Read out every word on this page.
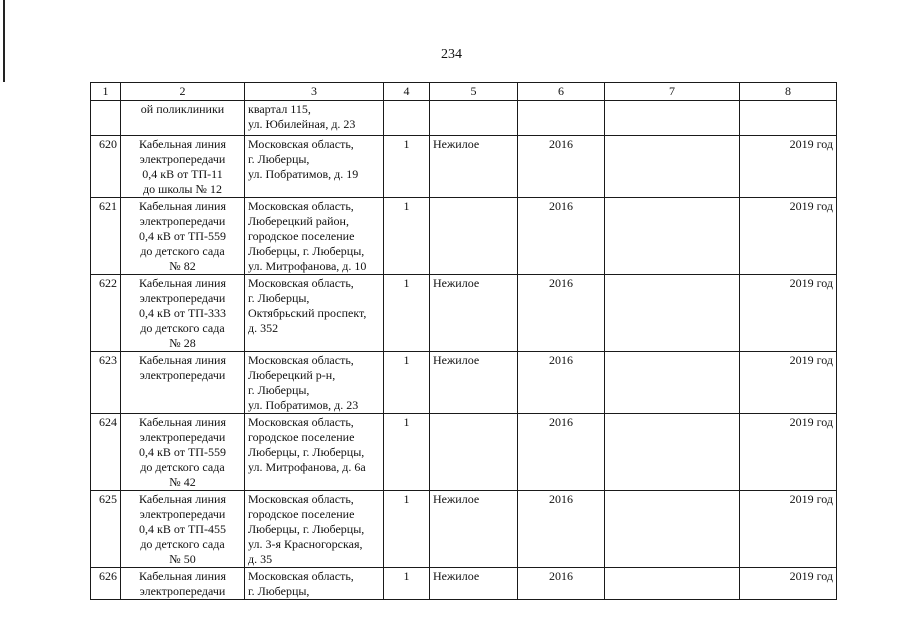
234
1	2	3	4	5	6	7	8
	ой поликлиники	квартал 115,
ул. Юбилейная, д. 23					
620	Кабельная линия
электропередачи
0,4 кВ от ТП-11
до школы № 12	Московская область,
г. Люберцы,
ул. Побратимов, д. 19	1	Нежилое	2016		2019 год
621	Кабельная линия
электропередачи
0,4 кВ от ТП-559
до детского сада
№ 82	Московская область,
Люберецкий район,
городское поселение
Люберцы, г. Люберцы,
ул. Митрофанова, д. 10	1		2016		2019 год
622	Кабельная линия
электропередачи
0,4 кВ от ТП-333
до детского сада
№ 28	Московская область,
г. Люберцы,
Октябрьский проспект,
д. 352	1	Нежилое	2016		2019 год
623	Кабельная линия
электропередачи	Московская область,
Люберецкий р-н,
г. Люберцы,
ул. Побратимов, д. 23	1	Нежилое	2016		2019 год
624	Кабельная линия
электропередачи
0,4 кВ от ТП-559
до детского сада
№ 42	Московская область,
городское поселение
Люберцы, г. Люберцы,
ул. Митрофанова, д. 6а	1		2016		2019 год
625	Кабельная линия
электропередачи
0,4 кВ от ТП-455
до детского сада
№ 50	Московская область,
городское поселение
Люберцы, г. Люберцы,
ул. 3-я Красногорская,
д. 35	1	Нежилое	2016		2019 год
626	Кабельная линия
электропередачи	Московская область,
г. Люберцы,	1	Нежилое	2016		2019 год
